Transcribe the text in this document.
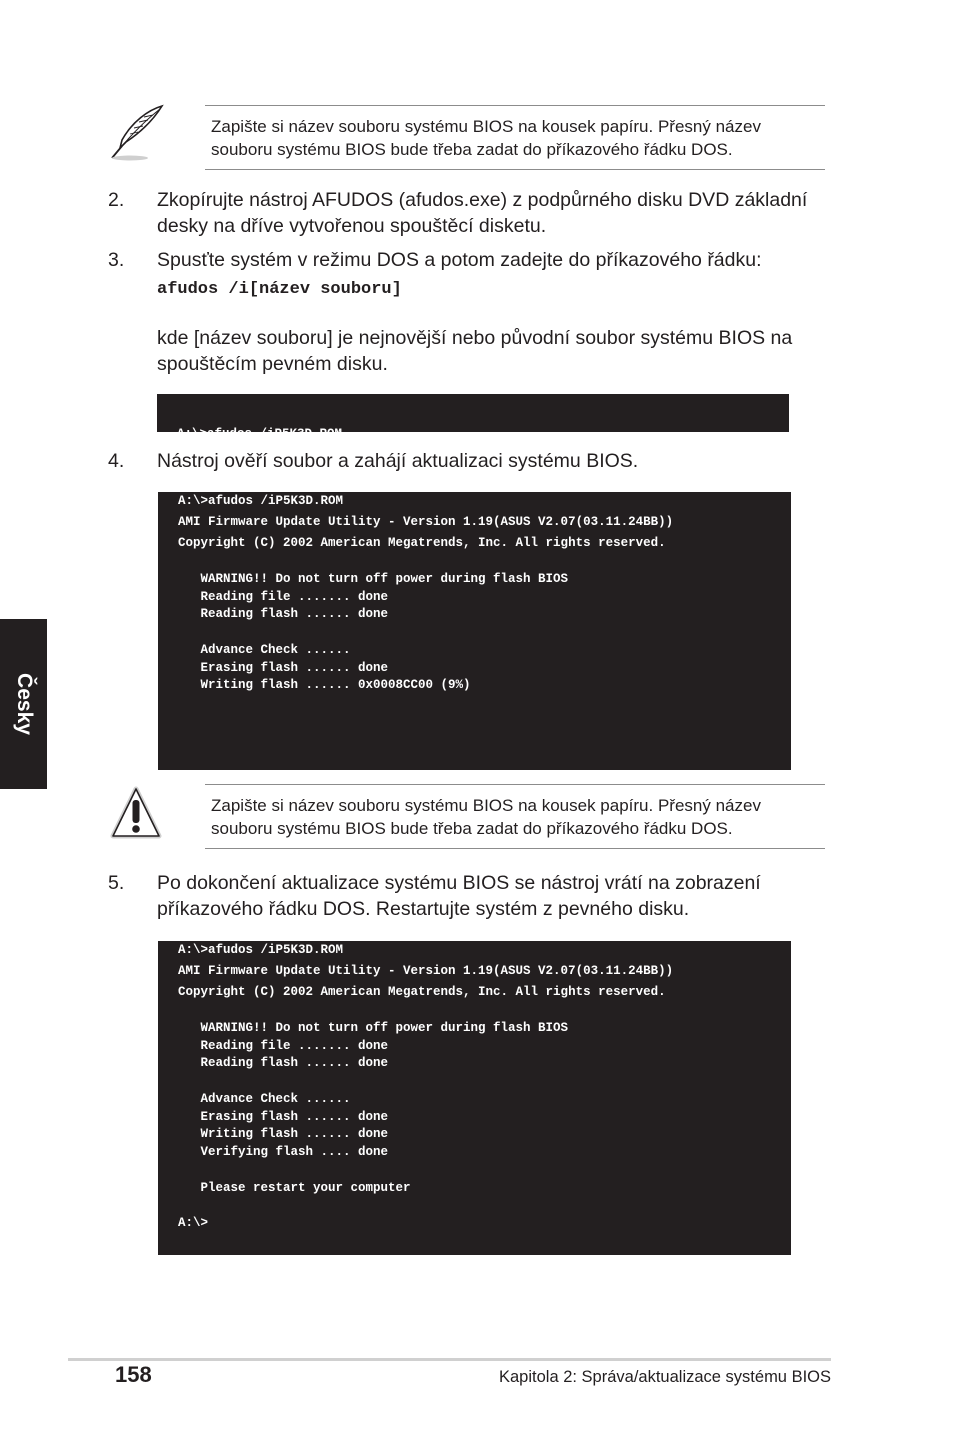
Česky
Zapište si název souboru systému BIOS na kousek papíru. Přesný název
souboru systému BIOS bude třeba zadat do příkazového řádku DOS.
2. Zkopírujte nástroj AFUDOS (afudos.exe) z podpůrného disku DVD základní
desky na dříve vytvořenou spouštěcí disketu.
3. Spusťte systém v režimu DOS a potom zadejte do příkazového řádku:
afudos /i[název souboru]
kde [název souboru] je nejnovější nebo původní soubor systému BIOS na
spouštěcím pevném disku.

A:\>afudos /iP5K3D.ROM

4. Nástroj ověří soubor a zahájí aktualizaci systému BIOS.
A:\>afudos /iP5K3D.ROM
AMI Firmware Update Utility - Version 1.19(ASUS V2.07(03.11.24BB))
Copyright (C) 2002 American Megatrends, Inc. All rights reserved.
WARNING!! Do not turn off power during flash BIOS
Reading file ....... done
Reading flash ...... done
Advance Check ......
Erasing flash ...... done
Writing flash ...... 0x0008CC00 (9%)
Zapište si název souboru systému BIOS na kousek papíru. Přesný název
souboru systému BIOS bude třeba zadat do příkazového řádku DOS.
5. Po dokončení aktualizace systému BIOS se nástroj vrátí na zobrazení
příkazového řádku DOS. Restartujte systém z pevného disku.
A:\>afudos /iP5K3D.ROM
AMI Firmware Update Utility - Version 1.19(ASUS V2.07(03.11.24BB))
Copyright (C) 2002 American Megatrends, Inc. All rights reserved.
WARNING!! Do not turn off power during flash BIOS
Reading file ....... done
Reading flash ...... done
Advance Check ......
Erasing flash ...... done
Writing flash ...... done
Verifying flash .... done
Please restart your computer
A:\>
158	Kapitola 2: Správa/aktualizace systému BIOS
